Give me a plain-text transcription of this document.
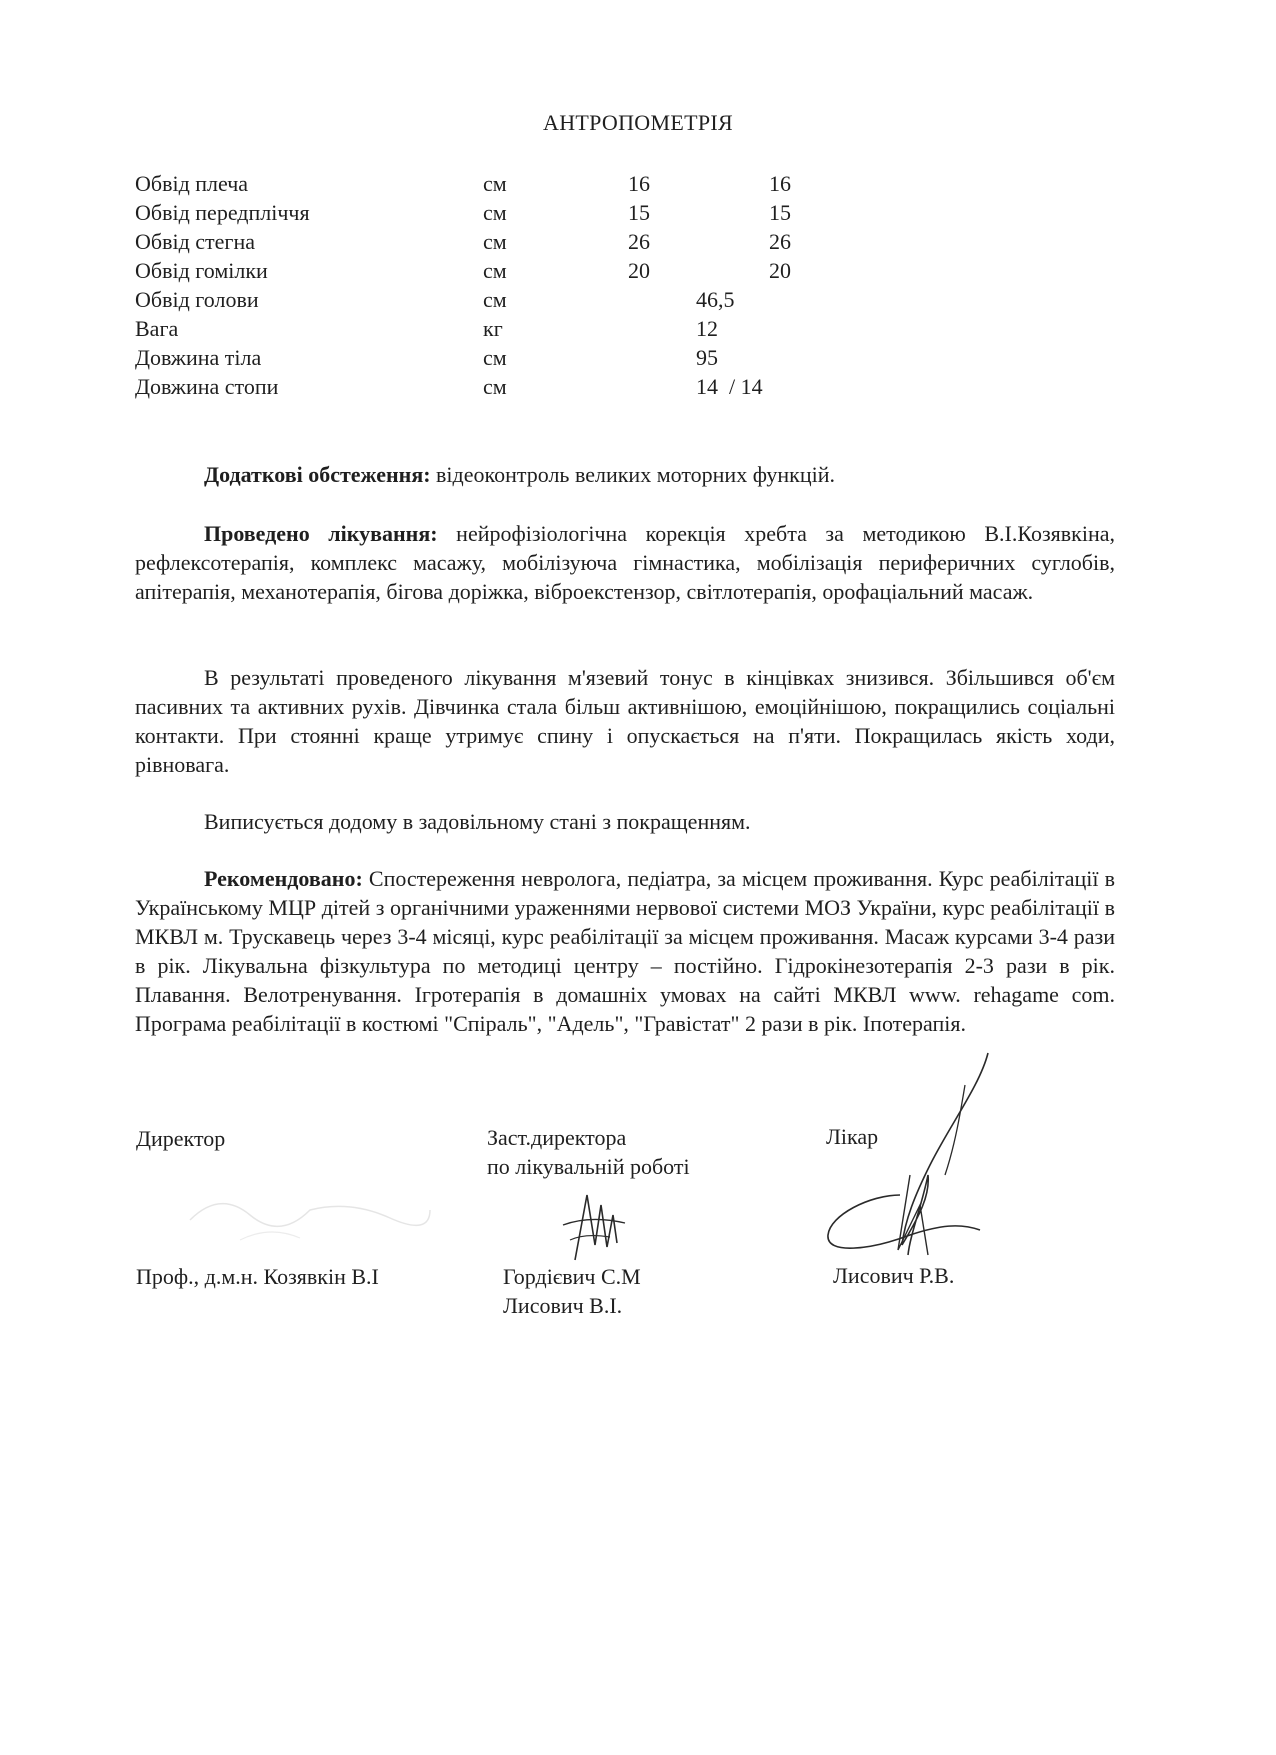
АНТРОПОМЕТРІЯ
Обвід плеча	см	16	16
Обвід передпліччя	см	15	15
Обвід стегна	см	26	26
Обвід гомілки	см	20	20
Обвід голови	см	46,5
Вага	кг	12
Довжина тіла	см	95
Довжина стопи	см	14  / 14
Додаткові обстеження: відеоконтроль великих моторних функцій.
Проведено лікування: нейрофізіологічна корекція хребта за методикою В.І.Козявкіна, рефлексотерапія, комплекс масажу, мобілізуюча гімнастика, мобілізація периферичних суглобів, апітерапія, механотерапія, бігова доріжка, віброекстензор, світлотерапія, орофаціальний масаж.
В результаті проведеного лікування м'язевий тонус в кінцівках знизився. Збільшився об'єм пасивних та активних рухів. Дівчинка стала більш активнішою, емоційнішою, покращились соціальні контакти. При стоянні краще утримує спину і опускається на п'яти. Покращилась якість ходи, рівновага.
Виписується додому в задовільному стані з покращенням.
Рекомендовано: Спостереження невролога, педіатра, за місцем проживання. Курс реабілітації в Українському МЦР дітей з органічними ураженнями нервової системи МОЗ України, курс реабілітації в МКВЛ м. Трускавець через 3-4 місяці, курс реабілітації за місцем проживання. Масаж курсами 3-4 рази в рік. Лікувальна фізкультура по методиці центру – постійно. Гідрокінезотерапія 2-3 рази в рік. Плавання. Велотренування. Ігротерапія в домашніх умовах на сайті МКВЛ www. rehagame com. Програма реабілітації в костюмі "Спіраль", "Адель", "Гравістат" 2 рази в рік. Іпотерапія.
Директор	Заст.директора
по лікувальній роботі
Лікар
Проф., д.м.н. Козявкін В.І	Гордієвич С.М
Лисович В.І.
Лисович Р.В.
